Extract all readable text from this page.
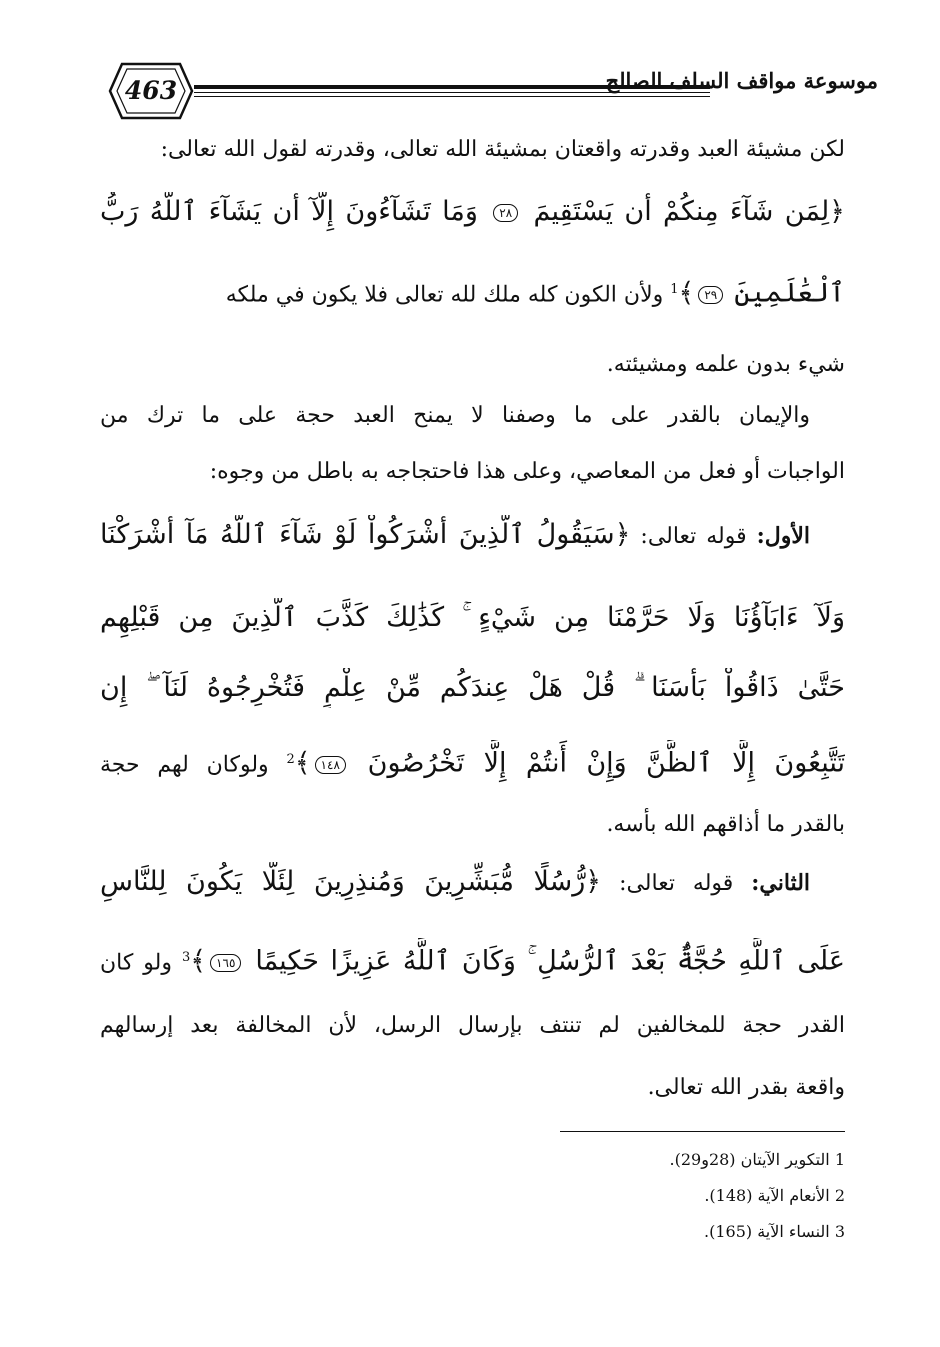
463	موسوعة مواقف السلف الصالح
لكن مشيئة العبد وقدرته واقعتان بمشيئة الله تعالى، وقدرته لقول الله تعالى:
﴿لِمَن شَآءَ مِنكُمْ أَن يَسْتَقِيمَ ٢٨ وَمَا تَشَآءُونَ إِلَّآ أَن يَشَآءَ ٱللَّهُ رَبُّ
ٱلْعَٰلَمِينَ ٢٩﴾$^1$ ولأن الكون كله ملك لله تعالى فلا يكون في ملكه
شيء بدون علمه ومشيئته.
والإيمان بالقدر على ما وصفنا لا يمنح العبد حجة على ما ترك من
الواجبات أو فعل من المعاصي، وعلى هذا فاحتجاجه به باطل من وجوه:
الأول: قوله تعالى: ﴿سَيَقُولُ ٱلَّذِينَ أَشْرَكُواْ لَوْ شَآءَ ٱللَّهُ مَآ أَشْرَكْنَا
وَلَآ ءَابَآؤُنَا وَلَا حَرَّمْنَا مِن شَيْءٍ ۚ كَذَٰلِكَ كَذَّبَ ٱلَّذِينَ مِن قَبْلِهِم
حَتَّىٰ ذَاقُواْ بَأْسَنَا ۗ قُلْ هَلْ عِندَكُم مِّنْ عِلْمٍ فَتُخْرِجُوهُ لَنَآ ۖ إِن
تَتَّبِعُونَ إِلَّا ٱلظَّنَّ وَإِنْ أَنتُمْ إِلَّا تَخْرُصُونَ ١٤٨﴾$^2$ ولوكان لهم حجة
بالقدر ما أذاقهم الله بأسه.
الثاني: قوله تعالى: ﴿رُّسُلًا مُّبَشِّرِينَ وَمُنذِرِينَ لِئَلَّا يَكُونَ لِلنَّاسِ
عَلَى ٱللَّهِ حُجَّةٌۢ بَعْدَ ٱلرُّسُلِ ۚ وَكَانَ ٱللَّهُ عَزِيزًا حَكِيمًا ١٦٥﴾$^3$ ولو كان
القدر حجة للمخالفين لم تنتف بإرسال الرسل، لأن المخالفة بعد إرسالهم
واقعة بقدر الله تعالى.
1 التكوير الآيتان (28و29).
2 الأنعام الآية (148).
3 النساء الآية (165).
